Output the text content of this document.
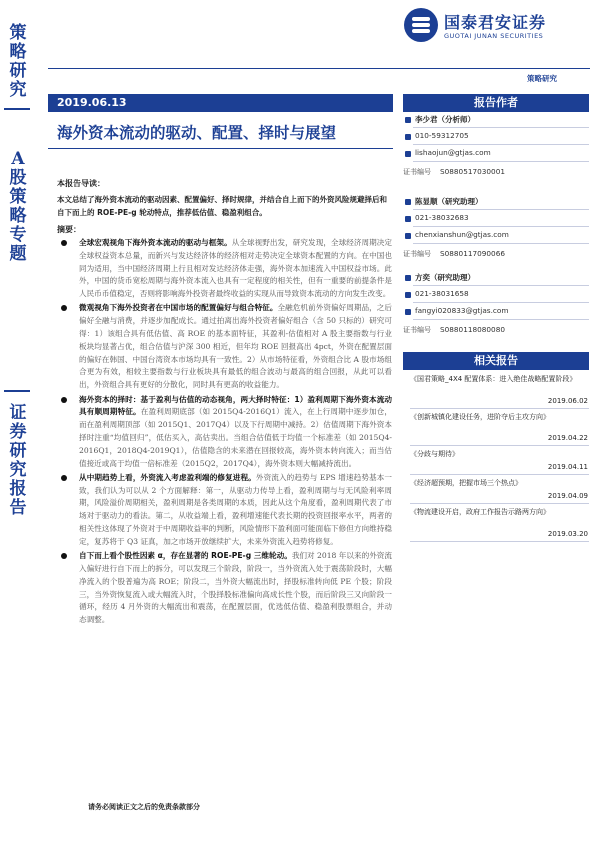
策
略
研
究
A
股
策
略
专
题
证
券
研
究
报
告
国泰君安证券
GUOTAI JUNAN SECURITIES
策略研究
2019.06.13
海外资本流动的驱动、配置、择时与展望
本报告导读：
本文总结了海外资本流动的驱动因素、配置偏好、择时规律，并结合自上而下的外资风险规避择后和自下而上的 ROE-PE-g 轮动特点，推荐低估值、稳盈利组合。
摘要：
全球宏观视角下海外资本流动的驱动与框架。从全球视野出发，研究发现，全球经济周期决定全球权益资本总量，而新兴与发达经济体的经济相对走势决定全球资本配置的方向。在中国也同为适用，当中国经济周期上行且相对发达经济体走强，海外资本加速流入中国权益市场。此外，中国的货币宽松周期与海外资本流入也具有一定程度的相关性，但有一重要的前提条件是人民币币值稳定，否则将影响海外投资者最终收益的实现从而导致资本流动的方向发生改变。
微观视角下海外投资者在中国市场的配置偏好与组合特征。全融危机前外资偏好周期品，之后偏好全融与消费，并逐步加配成长。通过拍离出海外投资者偏好组合（含 50 只标的）研究可得：1）该组合具有低估值、高 ROE 的基本面特征，其盈利-估值相对 A 股主要指数与行业板块均显著占优，组合估值与沪深 300 相近，但年均 ROE 回报高出 4pct，外资在配置层面的偏好在韩国、中国台湾资本市场均具有一致性。2）从市场特征看，外资组合比 A 股市场组合更为有效，相较主要指数与行业板块具有最低的组合波动与最高的组合回报，从此可以看出，外资组合具有更好的分散化，同时具有更高的收益能力。
海外资本的择时：基于盈利与估值的动态视角，两大择时特征：1）盈利周期下海外资本流动具有顺周期特征。在盈利周期底部（如 2015Q4-2016Q1）流入，在上行周期中逐步加仓，而在盈利周期顶部（如 2015Q1、2017Q4）以及下行周期中减持。2）估值周期下海外资本择时注重“均值回归”，低估买入，高估卖出。当组合估值低于均值一个标准差（如 2015Q4-2016Q1，2018Q4-2019Q1），估值隐含的未来潜在回报较高，海外资本转向流入；而当估值接近或高于均值一倍标准差（2015Q2，2017Q4），海外资本则大幅减持流出。
从中期趋势上看，外资流入考虑盈利端的修复进程。外资流入的趋势与 EPS 增速趋势基本一致，我们认为可以从 2 个方面解释：第一，从驱动力传导上看，盈利周期与与无风险利率周期，风险溢价周期相关，盈利周期是各类周期的本质，因此从这个角度看，盈利周期代表了市场对于驱动力的看法。第二，从收益端上看，盈利增速能代表长期的投资回报率水平，两者的相关性这体现了外资对于中周期收益率的判断，风险情形下盈利面可能面临下修但方向维持稳定，复苏将于 Q3 证真，加之市场开放继续扩大，未来外资流入趋势将修复。
自下而上看个股性因素 α，存在显著的 ROE-PE-g 三维轮动。我们对 2018 年以来的外资流入偏好进行自下而上的拆分，可以发现三个阶段，阶段一，当外资流入处于震荡阶段时，大幅净流入的个股普遍为高 ROE；阶段二，当外资大幅流出时，择股标准转向低 PE 个股；阶段三，当外资恢复流入或大幅流入时，个股择股标准偏向高成长性个股，而后阶段三又向阶段一循环，经历 4 月外资的大幅流出和震荡，在配置层面，优选低估值、稳盈利股票组合，并动态调整。
请务必阅读正文之后的免责条款部分
报告作者
李少君（分析师）
010-59312705
lishaojun@gtjas.com
证书编号 S0880517030001
陈显顺（研究助理）
021-38032683
chenxianshun@gtjas.com
证书编号 S0880117090066
方奕（研究助理）
021-38031658
fangyi020833@gtjas.com
证书编号 S0880118080080
相关报告
《国君策略_4X4 配置体系：进入绝佳战略配置阶段》
2019.06.02
《创新城镇化建设任务，进阶夺后主攻方向》
2019.04.22
《分歧与期待》
2019.04.11
《经济超预期，把握市场三个热点》
2019.04.09
《物流建设开启，政府工作报告示路两方向》
2019.03.20
